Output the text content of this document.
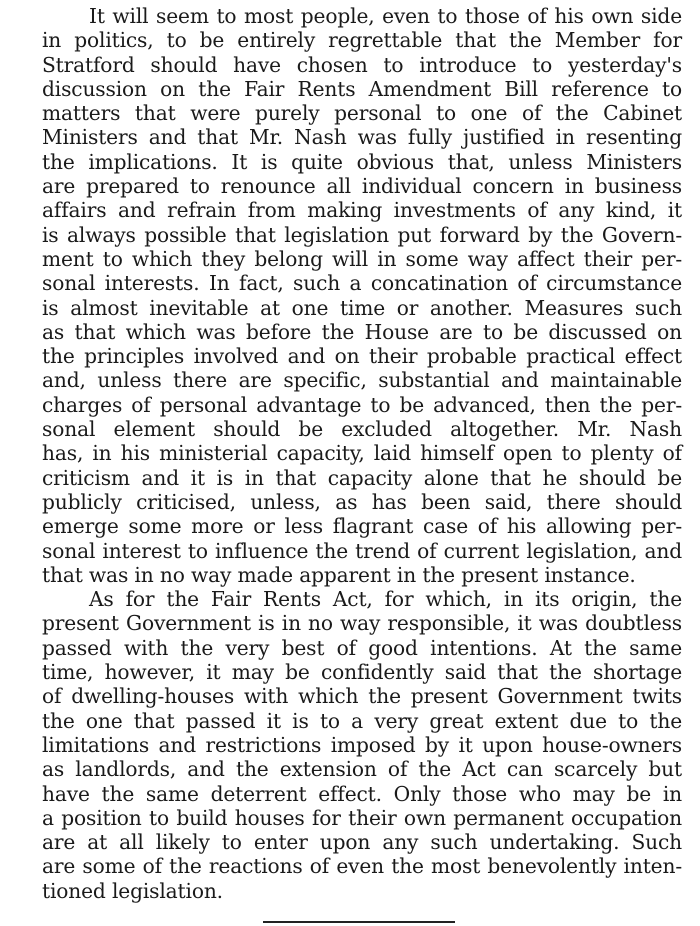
It will seem to most people, even to those of his own side
in politics, to be entirely regrettable that the Member for
Stratford should have chosen to introduce to yesterday's
discussion on the Fair Rents Amendment Bill reference to
matters that were purely personal to one of the Cabinet
Ministers and that Mr. Nash was fully justified in resenting
the implications. It is quite obvious that, unless Ministers
are prepared to renounce all individual concern in business
affairs and refrain from making investments of any kind, it
is always possible that legislation put forward by the Govern-
ment to which they belong will in some way affect their per-
sonal interests. In fact, such a concatination of circumstance
is almost inevitable at one time or another. Measures such
as that which was before the House are to be discussed on
the principles involved and on their probable practical effect
and, unless there are specific, substantial and maintainable
charges of personal advantage to be advanced, then the per-
sonal element should be excluded altogether. Mr. Nash
has, in his ministerial capacity, laid himself open to plenty of
criticism and it is in that capacity alone that he should be
publicly criticised, unless, as has been said, there should
emerge some more or less flagrant case of his allowing per-
sonal interest to influence the trend of current legislation, and
that was in no way made apparent in the present instance.
As for the Fair Rents Act, for which, in its origin, the
present Government is in no way responsible, it was doubtless
passed with the very best of good intentions. At the same
time, however, it may be confidently said that the shortage
of dwelling-houses with which the present Government twits
the one that passed it is to a very great extent due to the
limitations and restrictions imposed by it upon house-owners
as landlords, and the extension of the Act can scarcely but
have the same deterrent effect. Only those who may be in
a position to build houses for their own permanent occupation
are at all likely to enter upon any such undertaking. Such
are some of the reactions of even the most benevolently inten-
tioned legislation.
